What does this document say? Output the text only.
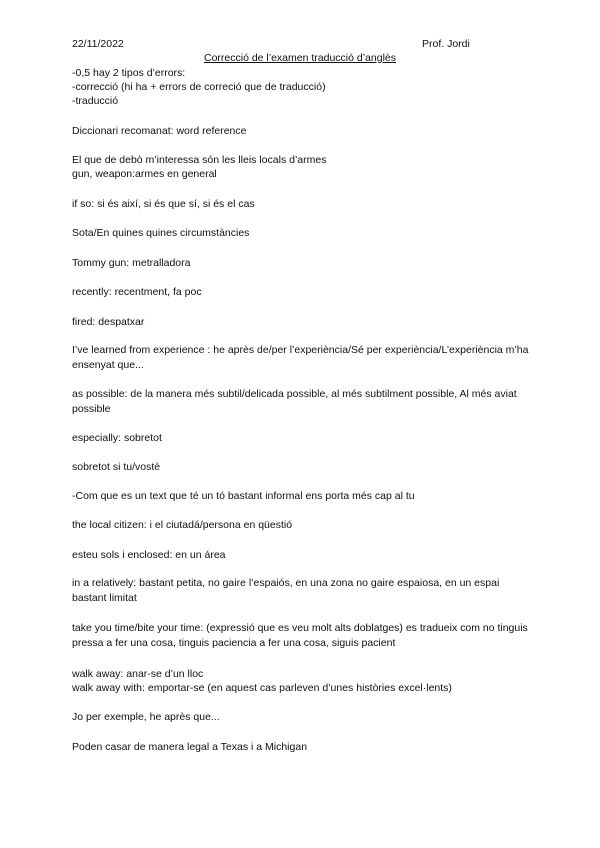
22/11/2022	Prof. Jordi
Correcció de l’examen traducció d’anglès
-0,5 hay 2 tipos d’errors:
-correcció (hi ha + errors de correció que de traducció)
-traducció
Diccionari recomanat: word reference
El que de debò m’interessa són les lleis locals d’armes
gun, weapon:armes en general
if so: si és així, si és que sí, si és el cas
Sota/En quines quines circumstàncies
Tommy gun: metralladora
recently: recentment, fa poc
fired: despatxar
I’ve learned from experience : he après de/per l’experiència/Sé per experiència/L’experiència m’ha ensenyat que...
as possible: de la manera més subtil/delicada possible, al més subtilment possible, Al més aviat possible
especially: sobretot
sobretot si tu/vostè
-Com que es un text que té un tó bastant informal ens porta més cap al tu
the local citizen: i el ciutadá/persona en qüestió
esteu sols i enclosed: en un área
in a relatively: bastant petita, no gaire l’espaiós, en una zona no gaire espaiosa, en un espai bastant limitat
take you time/bite your time: (expressió que es veu molt alts doblatges) es tradueix com no tinguis pressa a fer una cosa, tinguis paciencia a fer una cosa, siguis pacient
walk away: anar-se d’un lloc
walk away with: emportar-se (en aquest cas parleven d’unes històries excel·lents)
Jo per exemple, he après que...
Poden casar de manera legal a Texas i a Michigan
